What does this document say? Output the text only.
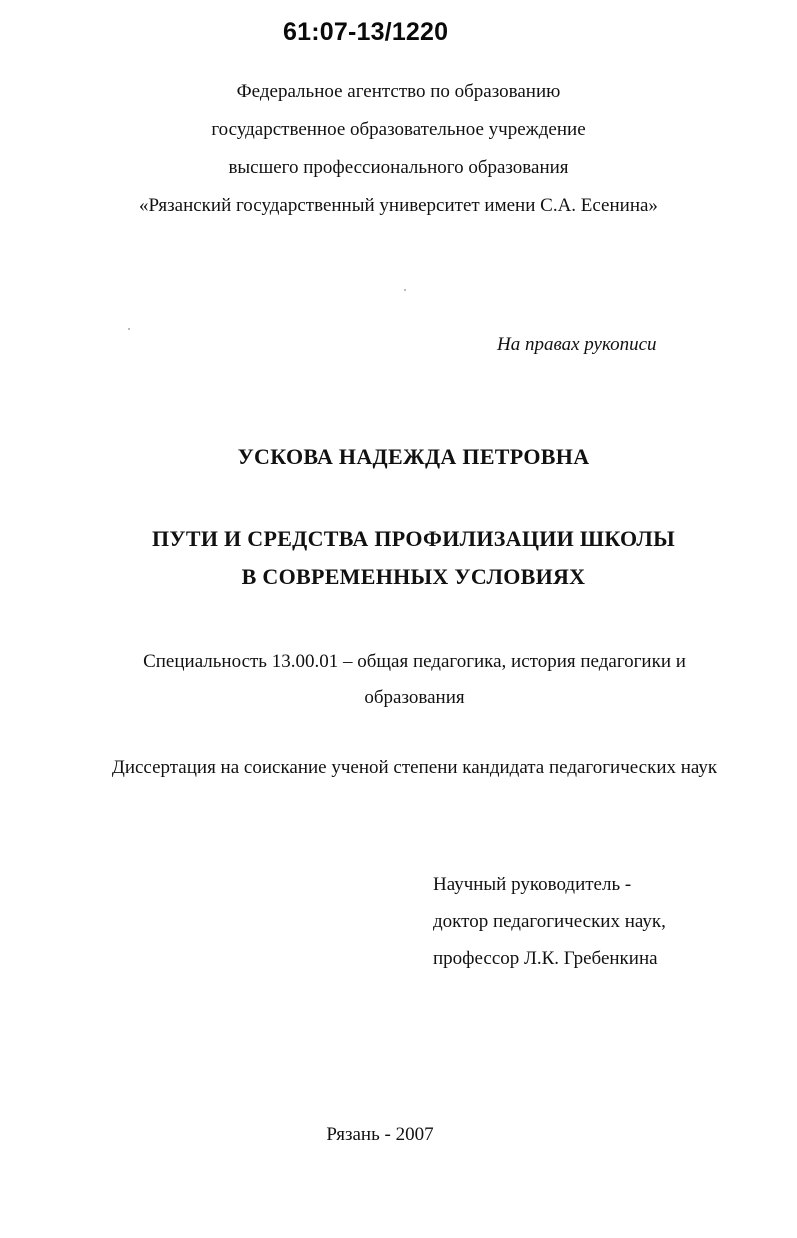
61:07-13/1220
Федеральное агентство по образованию
государственное образовательное учреждение
высшего профессионального образования
«Рязанский государственный университет имени С.А. Есенина»
На правах рукописи
УСКОВА НАДЕЖДА ПЕТРОВНА
ПУТИ И СРЕДСТВА ПРОФИЛИЗАЦИИ ШКОЛЫ
В СОВРЕМЕННЫХ УСЛОВИЯХ
Специальность 13.00.01 – общая педагогика, история педагогики и
образования
Диссертация на соискание ученой степени кандидата педагогических наук
Научный руководитель -
доктор педагогических наук,
профессор Л.К. Гребенкина
Рязань - 2007
